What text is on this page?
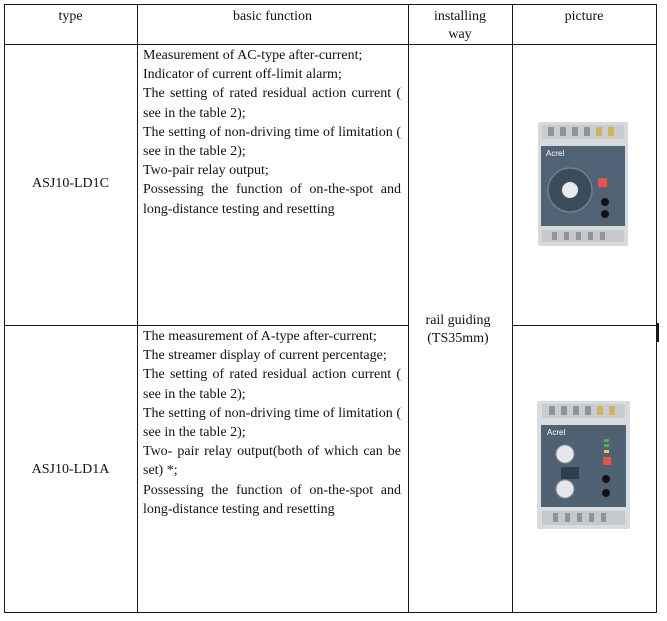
type	basic function	installing
way
picture
ASJ10-LD1C

Measurement of AC-type after-current;

Indicator of current off-limit alarm;

The setting of rated residual action current ( see in the table 2);

The setting of non-driving time of limitation ( see in the table 2);

Two-pair relay output;

Possessing the function of on-the-spot and long-distance testing and resetting

Acrel
ASJ10-LD1A

The measurement of A-type after-current;

The streamer display of current percentage;

The setting of rated residual action current ( see in the table 2);

The setting of non-driving time of limitation ( see in the table 2);

Two- pair relay output(both of which can be set) *;

Possessing the function of on-the-spot and long-distance testing and resetting

Acrel
rail guiding
(TS35mm)
